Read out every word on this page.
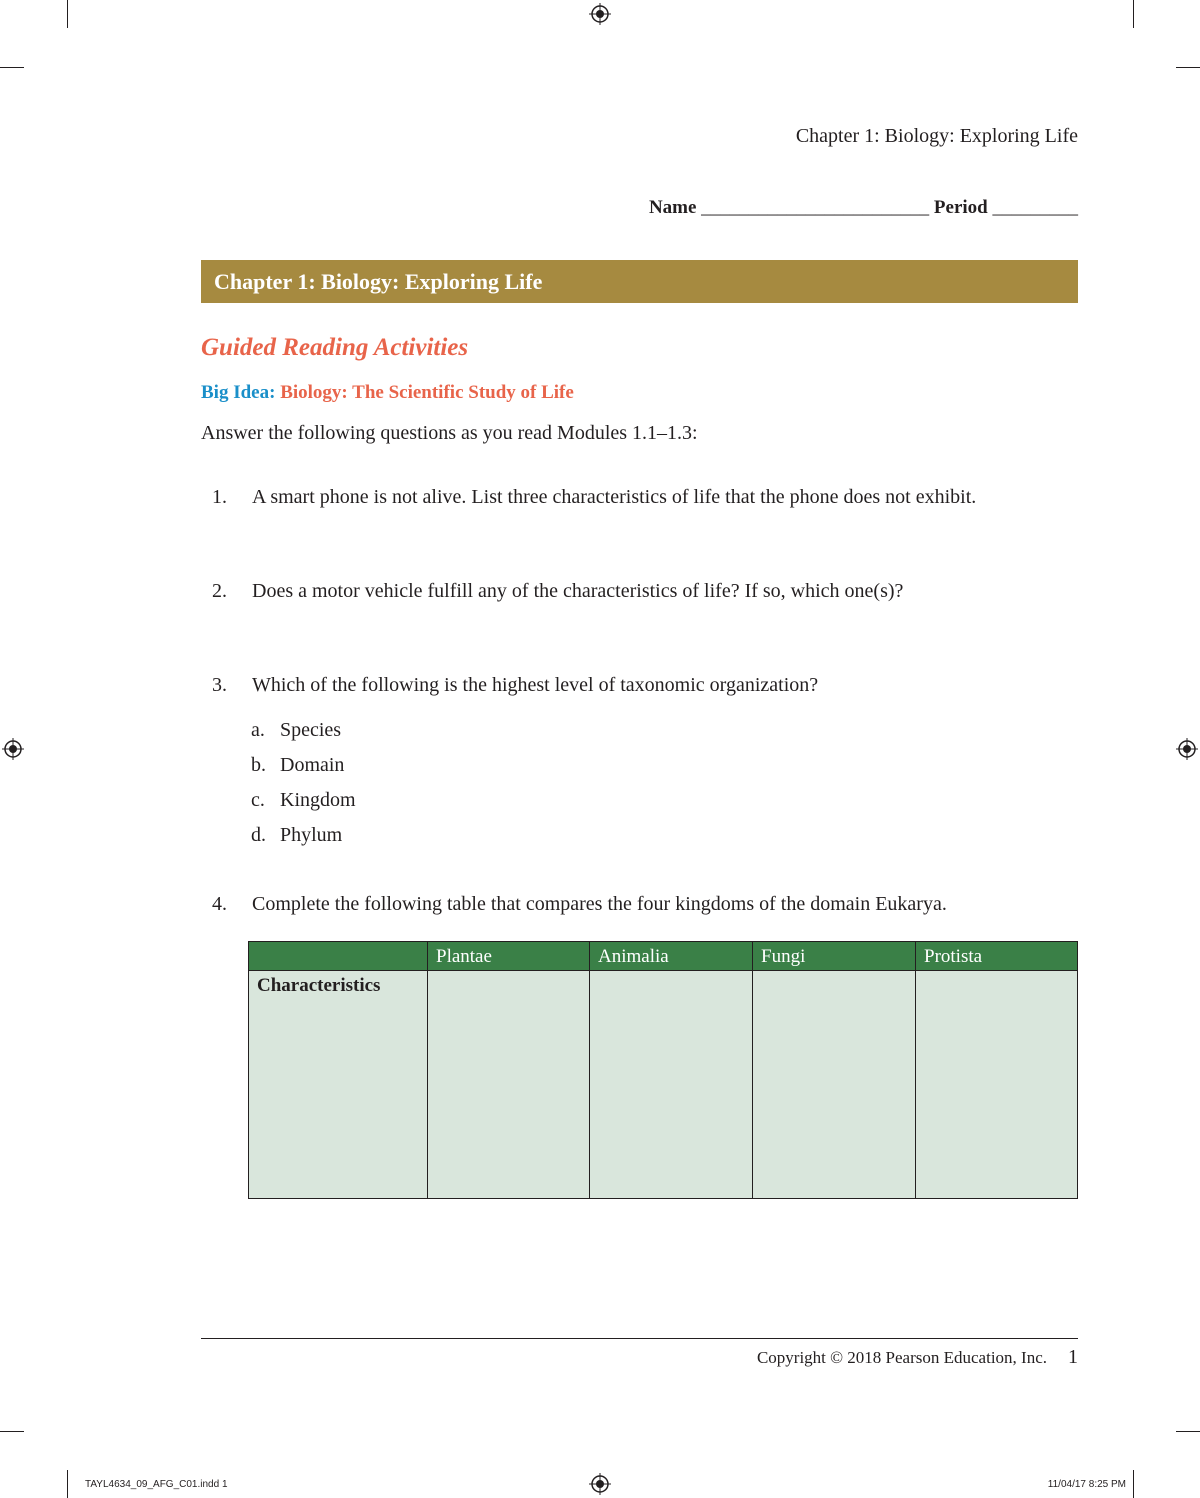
Chapter 1: Biology: Exploring Life
Name ________________________ Period _________
Chapter 1: Biology: Exploring Life
Guided Reading Activities
Big Idea: Biology: The Scientific Study of Life
Answer the following questions as you read Modules 1.1–1.3:
1. A smart phone is not alive. List three characteristics of life that the phone does not exhibit.
2. Does a motor vehicle fulfill any of the characteristics of life? If so, which one(s)?
3. Which of the following is the highest level of taxonomic organization?
a. Species
b. Domain
c. Kingdom
d. Phylum
4. Complete the following table that compares the four kingdoms of the domain Eukarya.
	Plantae	Animalia	Fungi	Protista
Characteristics				
Copyright © 2018 Pearson Education, Inc. 1
TAYL4634_09_AFG_C01.indd 1	11/04/17 8:25 PM
